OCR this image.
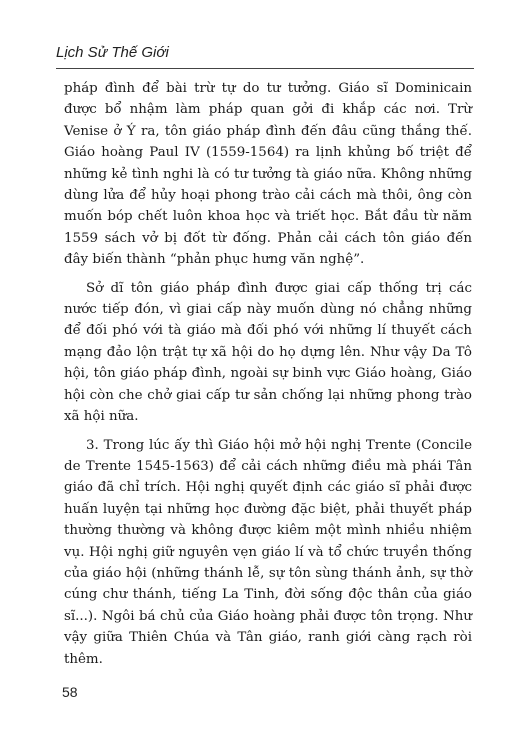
Lịch Sử Thế Giới

pháp đình để bài trừ tự do tư tưởng. Giáo sĩ Dominicain được bổ nhậm làm pháp quan gởi đi khắp các nơi. Trừ Venise ở Ý ra, tôn giáo pháp đình đến đâu cũng thắng thế. Giáo hoàng Paul IV (1559-1564) ra lịnh khủng bố triệt để những kẻ tình nghi là có tư tưởng tà giáo nữa. Không những dùng lửa để hủy hoại phong trào cải cách mà thôi, ông còn muốn bóp chết luôn khoa học và triết học. Bắt đầu từ năm 1559 sách vở bị đốt từ đống. Phản cải cách tôn giáo đến đây biến thành “phản phục hưng văn nghệ”.

Sở dĩ tôn giáo pháp đình được giai cấp thống trị các nước tiếp đón, vì giai cấp này muốn dùng nó chẳng những để đối phó với tà giáo mà đối phó với những lí thuyết cách mạng đảo lộn trật tự xã hội do họ dựng lên. Như vậy Da Tô hội, tôn giáo pháp đình, ngoài sự binh vực Giáo hoàng, Giáo hội còn che chở giai cấp tư sản chống lại những phong trào xã hội nữa.

3. Trong lúc ấy thì Giáo hội mở hội nghị Trente (Concile de Trente 1545-1563) để cải cách những điều mà phái Tân giáo đã chỉ trích. Hội nghị quyết định các giáo sĩ phải được huấn luyện tại những học đường đặc biệt, phải thuyết pháp thường thường và không được kiêm một mình nhiều nhiệm vụ. Hội nghị giữ nguyên vẹn giáo lí và tổ chức truyền thống của giáo hội (những thánh lễ, sự tôn sùng thánh ảnh, sự thờ cúng chư thánh, tiếng La Tinh, đời sống độc thân của giáo sĩ...). Ngôi bá chủ của Giáo hoàng phải được tôn trọng. Như vậy giữa Thiên Chúa và Tân giáo, ranh giới càng rạch ròi thêm.

58
